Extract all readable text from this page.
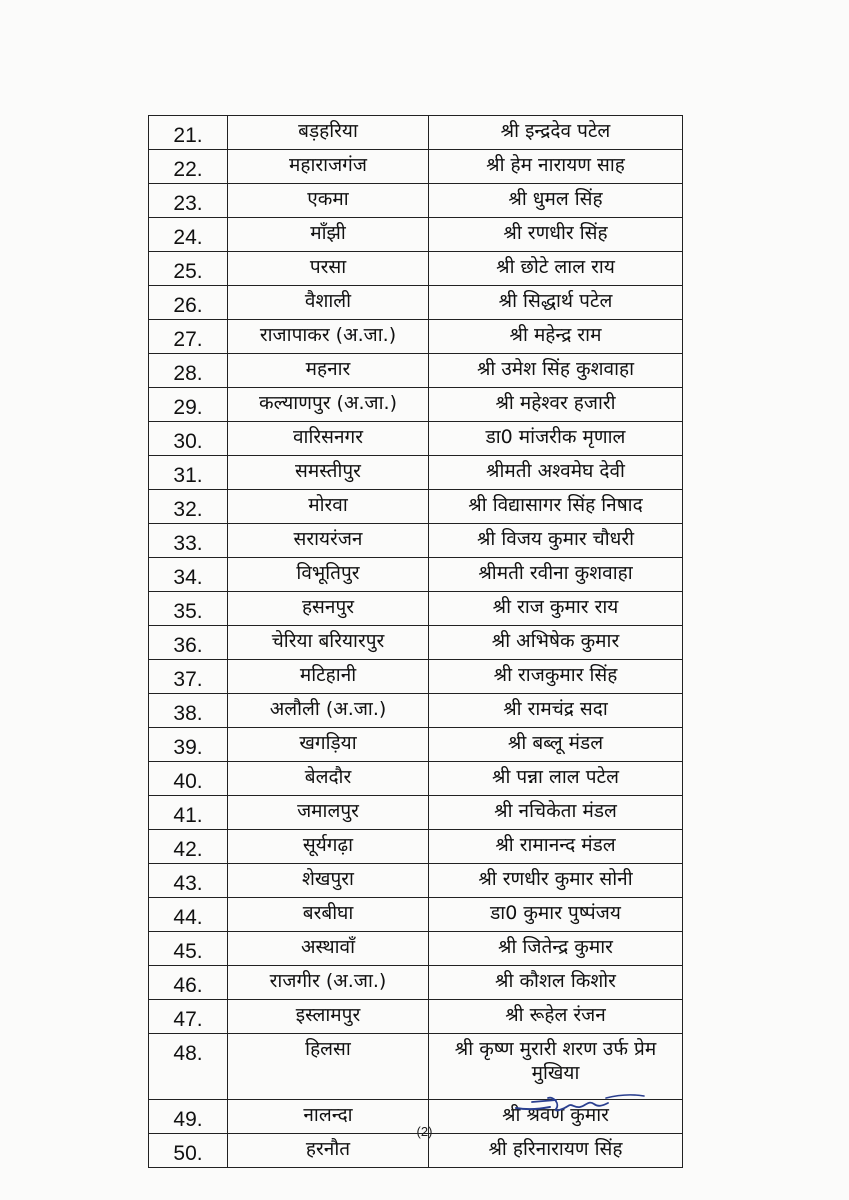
21.	बड़हरिया	श्री इन्द्रदेव पटेल
22.	महाराजगंज	श्री हेम नारायण साह
23.	एकमा	श्री धुमल सिंह
24.	माँझी	श्री रणधीर सिंह
25.	परसा	श्री छोटे लाल राय
26.	वैशाली	श्री सिद्धार्थ पटेल
27.	राजापाकर (अ.जा.)	श्री महेन्द्र राम
28.	महनार	श्री उमेश सिंह कुशवाहा
29.	कल्याणपुर (अ.जा.)	श्री महेश्वर हजारी
30.	वारिसनगर	डा0 मांजरीक मृणाल
31.	समस्तीपुर	श्रीमती अश्वमेघ देवी
32.	मोरवा	श्री विद्यासागर सिंह निषाद
33.	सरायरंजन	श्री विजय कुमार चौधरी
34.	विभूतिपुर	श्रीमती रवीना कुशवाहा
35.	हसनपुर	श्री राज कुमार राय
36.	चेरिया बरियारपुर	श्री अभिषेक कुमार
37.	मटिहानी	श्री राजकुमार सिंह
38.	अलौली (अ.जा.)	श्री रामचंद्र सदा
39.	खगड़िया	श्री बब्लू मंडल
40.	बेलदौर	श्री पन्ना लाल पटेल
41.	जमालपुर	श्री नचिकेता मंडल
42.	सूर्यगढ़ा	श्री रामानन्द मंडल
43.	शेखपुरा	श्री रणधीर कुमार सोनी
44.	बरबीघा	डा0 कुमार पुष्पंजय
45.	अस्थावाँ	श्री जितेन्द्र कुमार
46.	राजगीर (अ.जा.)	श्री कौशल किशोर
47.	इस्लामपुर	श्री रूहेल रंजन
48.	हिलसा	श्री कृष्ण मुरारी शरण उर्फ प्रेम मुखिया
49.	नालन्दा	श्री श्रवण कुमार
50.	हरनौत	श्री हरिनारायण सिंह
(2)
